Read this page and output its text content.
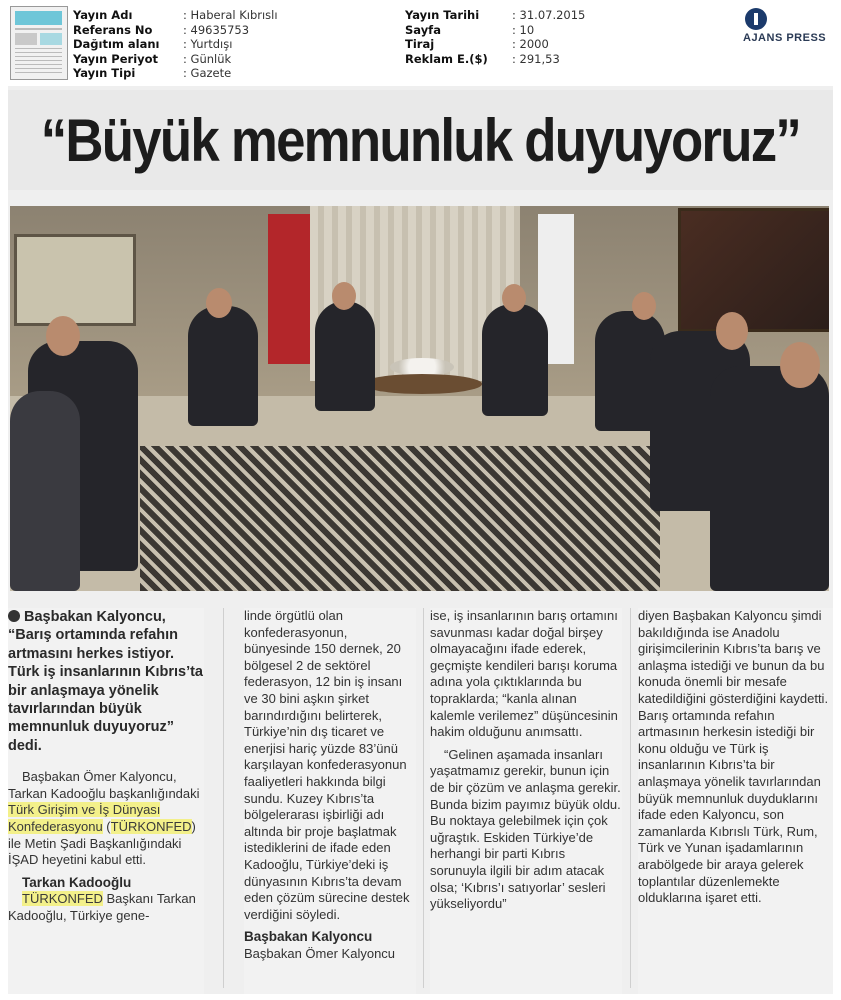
Yayın Adı	: Haberal Kıbrıslı
Referans No	: 49635753
Dağıtım alanı	: Yurtdışı
Yayın Periyot	: Günlük
Yayın Tipi	: Gazete
Yayın Tarihi	: 31.07.2015
Sayfa	: 10
Tiraj	: 2000
Reklam E.($)	: 291,53
AJANS PRESS
“Büyük memnunluk duyuyoruz”

Başbakan Kalyoncu, “Barış ortamında refahın artmasını herkes istiyor. Türk iş insanlarının Kıbrıs’ta bir anlaşmaya yönelik tavırlarından büyük memnunluk duyuyoruz” dedi.

Başbakan Ömer Kalyoncu, Tarkan Kadooğlu başkanlığındaki Türk Girişim ve İş Dünyası Konfederasyonu (TÜRKONFED) ile Metin Şadi Başkanlığındaki İŞAD heyetini kabul etti.

Tarkan Kadooğlu

TÜRKONFED Başkanı Tarkan Kadooğlu, Türkiye gene-

linde örgütlü olan konfederasyonun, bünyesinde 150 dernek, 20 bölgesel 2 de sektörel federasyon, 12 bin iş insanı ve 30 bini aşkın şirket barındırdığını belirterek, Türkiye’nin dış ticaret ve enerjisi hariç yüzde 83’ünü karşılayan konfederasyonun faaliyetleri hakkında bilgi sundu. Kuzey Kıbrıs’ta bölgelerarası işbirliği adı altında bir proje başlatmak istediklerini de ifade eden Kadooğlu, Türkiye’deki iş dünyasının Kıbrıs’ta devam eden çözüm sürecine destek verdiğini söyledi.

Başbakan Kalyoncu

Başbakan Ömer Kalyoncu

ise, iş insanlarının barış ortamını savunması kadar doğal birşey olmayacağını ifade ederek, geçmişte kendileri barışı koruma adına yola çıktıklarında bu topraklarda; “kanla alınan kalemle verilemez” düşüncesinin hakim olduğunu anımsattı.

“Gelinen aşamada insanları yaşatmamız gerekir, bunun için de bir çözüm ve anlaşma gerekir. Bunda bizim payımız büyük oldu. Bu noktaya gelebilmek için çok uğraştık. Eskiden Türkiye’de herhangi bir parti Kıbrıs sorunuyla ilgili bir adım atacak olsa; ‘Kıbrıs’ı satıyorlar’ sesleri yükseliyordu”

diyen Başbakan Kalyoncu şimdi bakıldığında ise Anadolu girişimcilerinin Kıbrıs’ta barış ve anlaşma istediği ve bunun da bu konuda önemli bir mesafe katedildiğini gösterdiğini kaydetti. Barış ortamında refahın artmasının herkesin istediği bir konu olduğu ve Türk iş insanlarının Kıbrıs’ta bir anlaşmaya yönelik tavırlarından büyük memnunluk duyduklarını ifade eden Kalyoncu, son zamanlarda Kıbrıslı Türk, Rum, Türk ve Yunan işadamlarının arabölgede bir araya gelerek toplantılar düzenlemekte olduklarına işaret etti.
